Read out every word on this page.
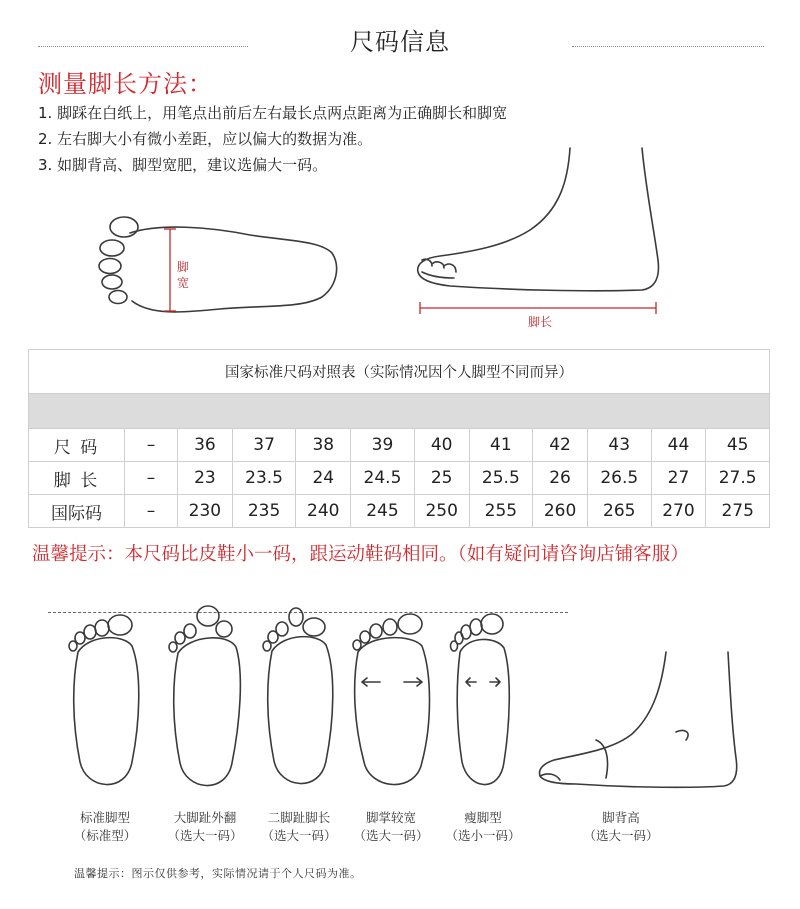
尺码信息
测量脚长方法：
1. 脚踩在白纸上，用笔点出前后左右最长点两点距离为正确脚长和脚宽
2. 左右脚大小有微小差距，应以偏大的数据为准。
3. 如脚背高、脚型宽肥，建议选偏大一码。
脚
宽
脚长
国家标准尺码对照表（实际情况因个人脚型不同而异）											

尺 码	–	36	37	38	39	40	41	42	43	44	45
脚 长	–	23	23.5	24	24.5	25	25.5	26	26.5	27	27.5
国际码	–	230	235	240	245	250	255	260	265	270	275
温馨提示：本尺码比皮鞋小一码，跟运动鞋码相同。（如有疑问请咨询店铺客服）
标准脚型
（标准型）
大脚趾外翻
（选大一码）
二脚趾脚长
（选大一码）
脚掌较宽
（选大一码）
瘦脚型
（选小一码）
脚背高
（选大一码）
温馨提示：图示仅供参考，实际情况请于个人尺码为准。
